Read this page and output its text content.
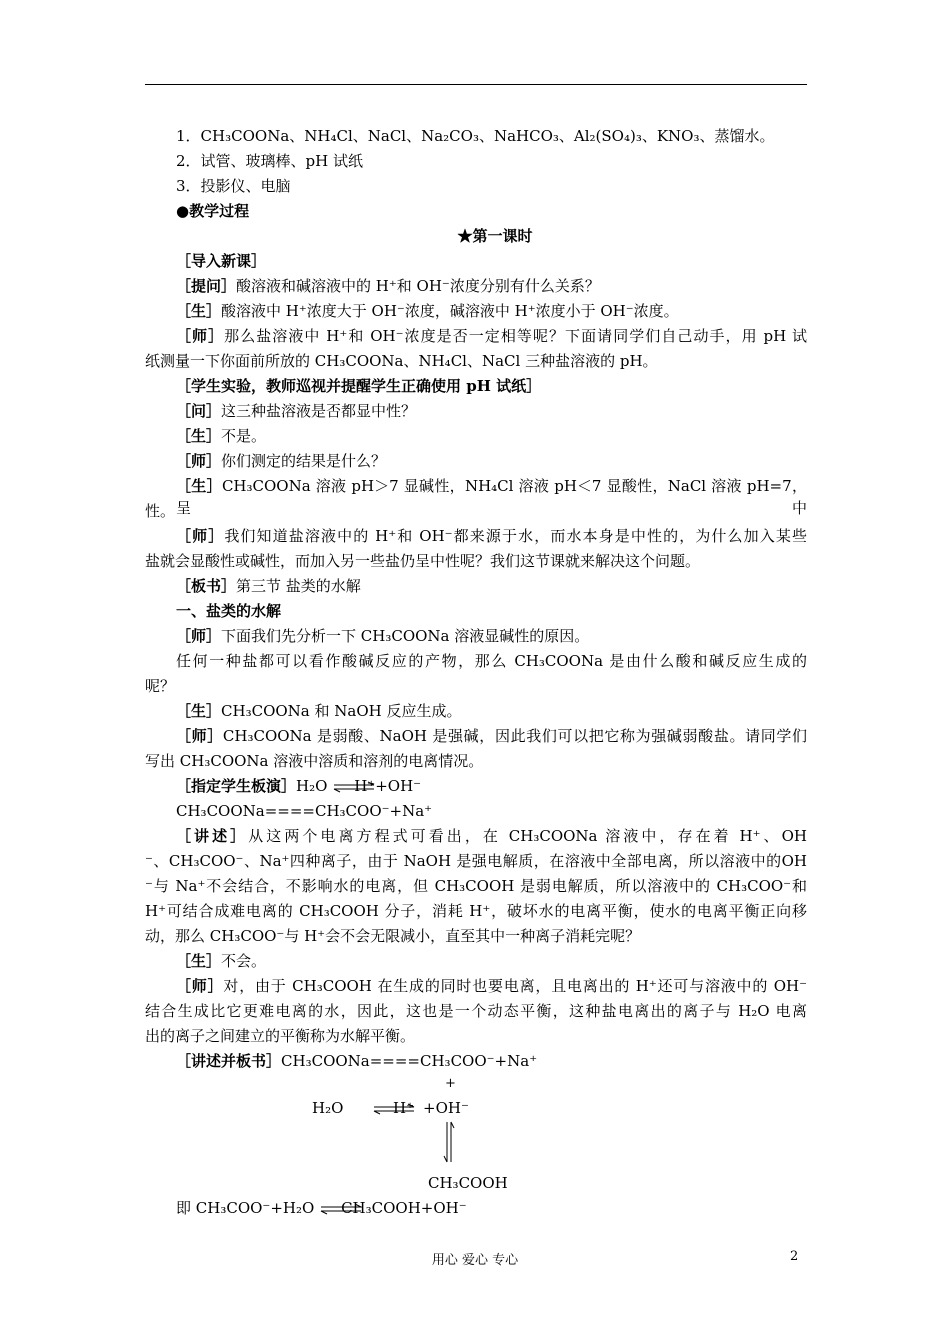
1．CH₃COONa、NH₄Cl、NaCl、Na₂CO₃、NaHCO₃、Al₂(SO₄)₃、KNO₃、蒸馏水。
2．试管、玻璃棒、pH 试纸
3．投影仪、电脑
●教学过程
★第一课时
［导入新课］
［提问］酸溶液和碱溶液中的 H⁺和 OH⁻浓度分别有什么关系？
［生］酸溶液中 H⁺浓度大于 OH⁻浓度，碱溶液中 H⁺浓度小于 OH⁻浓度。
［师］那么盐溶液中 H⁺和 OH⁻浓度是否一定相等呢？下面请同学们自己动手，用 pH 试
纸测量一下你面前所放的 CH₃COONa、NH₄Cl、NaCl 三种盐溶液的 pH。
［学生实验，教师巡视并提醒学生正确使用 pH 试纸］
［问］这三种盐溶液是否都显中性？
［生］不是。
［师］你们测定的结果是什么？
［生］CH₃COONa 溶液 pH＞7 显碱性，NH₄Cl 溶液 pH＜7 显酸性，NaCl 溶液 pH=7，呈中
性。
［师］我们知道盐溶液中的 H⁺和 OH⁻都来源于水，而水本身是中性的，为什么加入某些
盐就会显酸性或碱性，而加入另一些盐仍呈中性呢？我们这节课就来解决这个问题。
［板书］第三节 盐类的水解
一、盐类的水解
［师］下面我们先分析一下 CH₃COONa 溶液显碱性的原因。
任何一种盐都可以看作酸碱反应的产物，那么 CH₃COONa 是由什么酸和碱反应生成的
呢？
［生］CH₃COONa 和 NaOH 反应生成。
［师］CH₃COONa 是弱酸、NaOH 是强碱，因此我们可以把它称为强碱弱酸盐。请同学们
写出 CH₃COONa 溶液中溶质和溶剂的电离情况。
［指定学生板演］H₂O ⇌H⁺+OH⁻
CH₃COONa====CH₃COO⁻+Na⁺
［讲述］从这两个电离方程式可看出，在 CH₃COONa 溶液中，存在着 H⁺、OH
⁻、CH₃COO⁻、Na⁺四种离子，由于 NaOH 是强电解质，在溶液中全部电离，所以溶液中的OH
⁻与 Na⁺不会结合，不影响水的电离，但 CH₃COOH 是弱电解质，所以溶液中的 CH₃COO⁻和
H⁺可结合成难电离的 CH₃COOH 分子，消耗 H⁺，破坏水的电离平衡，使水的电离平衡正向移
动，那么 CH₃COO⁻与 H⁺会不会无限减小，直至其中一种离子消耗完呢？
［生］不会。
［师］对，由于 CH₃COOH 在生成的同时也要电离，且电离出的 H⁺还可与溶液中的 OH⁻
结合生成比它更难电离的水，因此，这也是一个动态平衡，这种盐电离出的离子与 H₂O 电离
出的离子之间建立的平衡称为水解平衡。
［讲述并板书］CH₃COONa====CH₃COO⁻+Na⁺
+
H₂O	H⁺ +OH⁻
CH₃COOH
即 CH₃COO⁻+H₂O ⇌CH₃COOH+OH⁻
用心 爱心 专心	2
